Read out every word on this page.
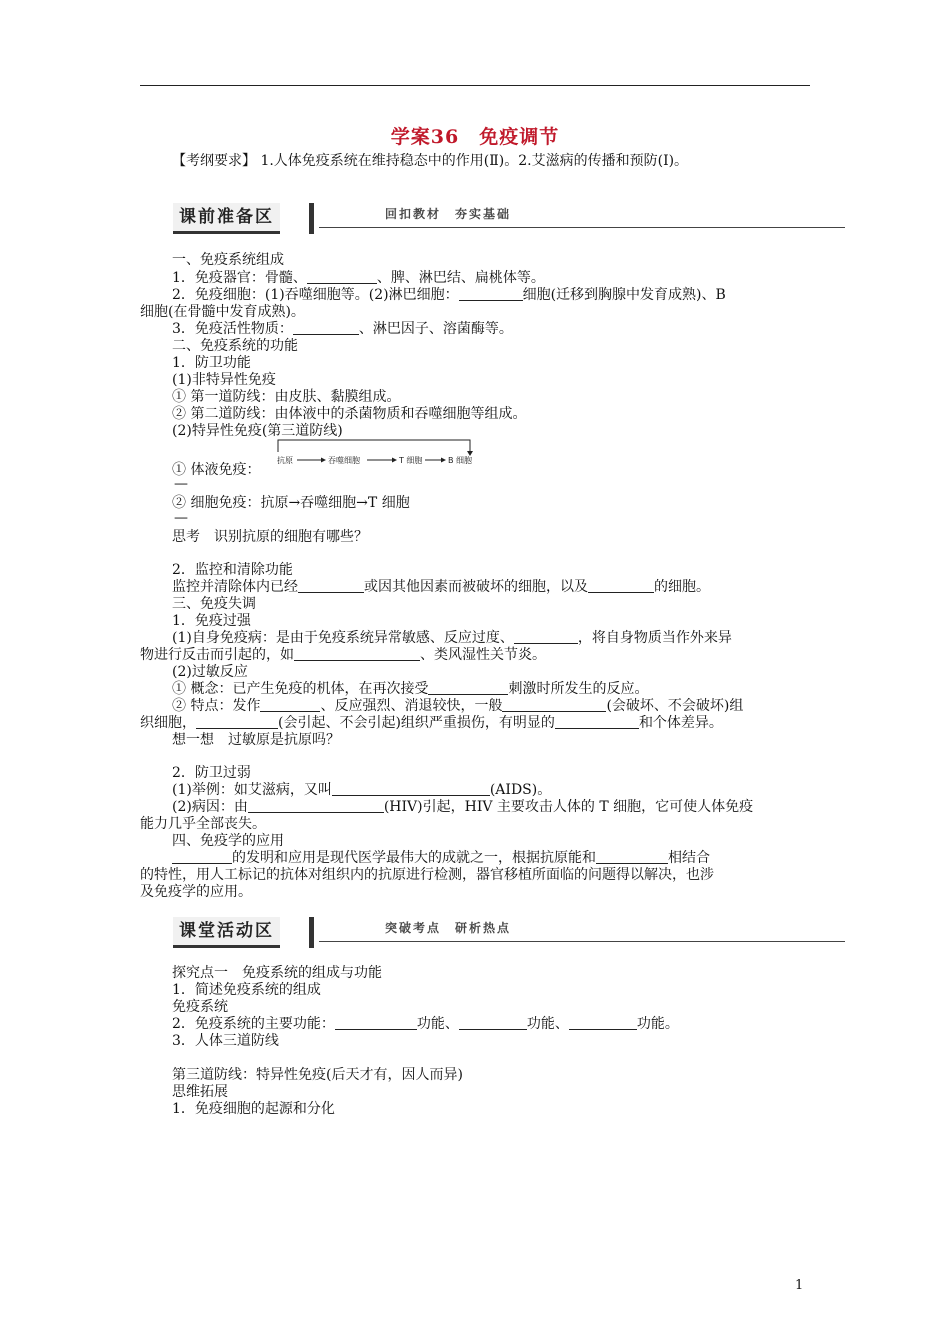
学案36　免疫调节
【考纲要求】 1.人体免疫系统在维持稳态中的作用(Ⅱ)。2.艾滋病的传播和预防(Ⅰ)。
课前准备区	回扣教材　夯实基础
一、免疫系统组成
1．免疫器官：骨髓、	、脾、淋巴结、扁桃体等。
2．免疫细胞：(1)吞噬细胞等。(2)淋巴细胞：	细胞(迁移到胸腺中发育成熟)、B
细胞(在骨髓中发育成熟)。
3．免疫活性物质：	、淋巴因子、溶菌酶等。
二、免疫系统的功能
1．防卫功能
(1)非特异性免疫
① 第一道防线：由皮肤、黏膜组成。
② 第二道防线：由体液中的杀菌物质和吞噬细胞等组成。
(2)特异性免疫(第三道防线)
抗原	吞噬细胞	T 细胞	B 细胞
① 体液免疫：
—
② 细胞免疫：抗原→吞噬细胞→T 细胞
—
思考　识别抗原的细胞有哪些？
2．监控和清除功能
监控并清除体内已经	或因其他因素而被破坏的细胞，以及	的细胞。
三、免疫失调
1．免疫过强
(1)自身免疫病：是由于免疫系统异常敏感、反应过度、	，将自身物质当作外来异
物进行反击而引起的，如	、类风湿性关节炎。
(2)过敏反应
① 概念：已产生免疫的机体，在再次接受	刺激时所发生的反应。
② 特点：发作	、反应强烈、消退较快，一般	(会破坏、不会破坏)组
织细胞，	(会引起、不会引起)组织严重损伤，有明显的	和个体差异。
想一想　过敏原是抗原吗？
2．防卫过弱
(1)举例：如艾滋病，又叫	(AIDS)。
(2)病因：由	(HIV)引起，HIV 主要攻击人体的 T 细胞，它可使人体免疫
能力几乎全部丧失。
四、免疫学的应用
的发明和应用是现代医学最伟大的成就之一，根据抗原能和	相结合
的特性，用人工标记的抗体对组织内的抗原进行检测，器官移植所面临的问题得以解决，也涉
及免疫学的应用。
课堂活动区	突破考点　研析热点
探究点一　免疫系统的组成与功能
1．简述免疫系统的组成
免疫系统
2．免疫系统的主要功能：	功能、	功能、	功能。
3．人体三道防线
第三道防线：特异性免疫(后天才有，因人而异)
思维拓展
1．免疫细胞的起源和分化
1
